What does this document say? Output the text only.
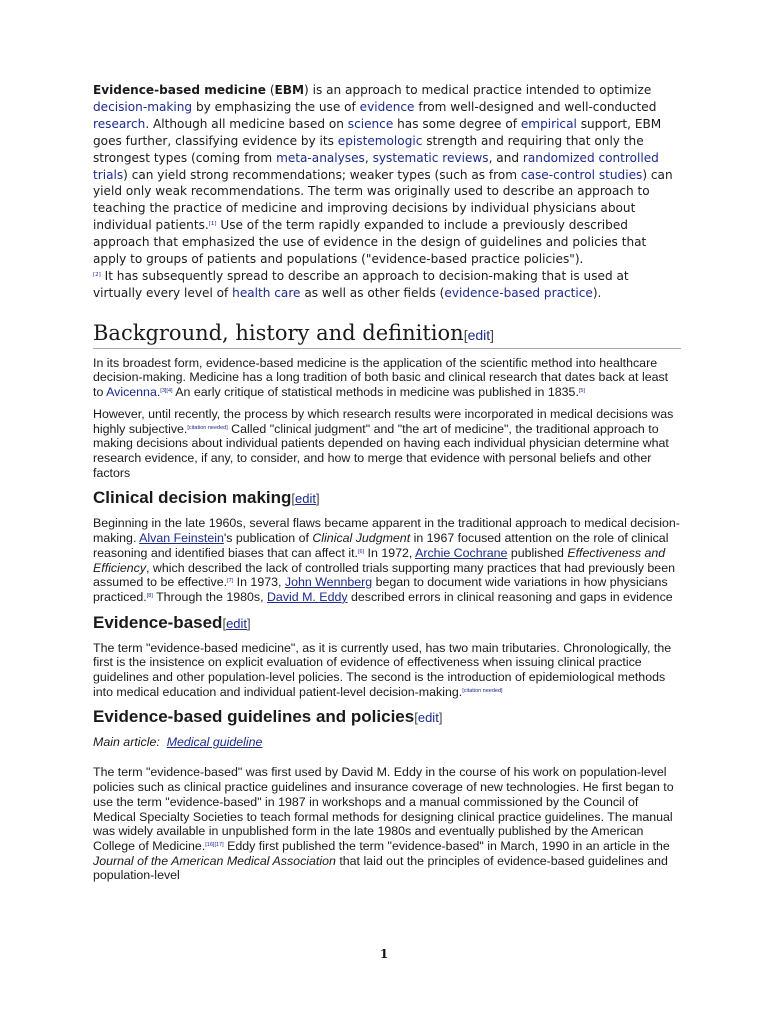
Evidence-based medicine (EBM) is an approach to medical practice intended to optimize decision-making by emphasizing the use of evidence from well-designed and well-conducted research. Although all medicine based on science has some degree of empirical support, EBM goes further, classifying evidence by its epistemologic strength and requiring that only the strongest types (coming from meta-analyses, systematic reviews, and randomized controlled trials) can yield strong recommendations; weaker types (such as from case-control studies) can yield only weak recommendations. The term was originally used to describe an approach to teaching the practice of medicine and improving decisions by individual physicians about individual patients.[1] Use of the term rapidly expanded to include a previously described approach that emphasized the use of evidence in the design of guidelines and policies that apply to groups of patients and populations ("evidence-based practice policies").
[2] It has subsequently spread to describe an approach to decision-making that is used at virtually every level of health care as well as other fields (evidence-based practice).

Background, history and definition[edit]

In its broadest form, evidence-based medicine is the application of the scientific method into healthcare decision-making. Medicine has a long tradition of both basic and clinical research that dates back at least to Avicenna.[3][4] An early critique of statistical methods in medicine was published in 1835.[5]

However, until recently, the process by which research results were incorporated in medical decisions was highly subjective.[citation needed] Called "clinical judgment" and "the art of medicine", the traditional approach to making decisions about individual patients depended on having each individual physician determine what research evidence, if any, to consider, and how to merge that evidence with personal beliefs and other factors

Clinical decision making[edit]

Beginning in the late 1960s, several flaws became apparent in the traditional approach to medical decision-making. Alvan Feinstein's publication of Clinical Judgment in 1967 focused attention on the role of clinical reasoning and identified biases that can affect it.[6] In 1972, Archie Cochrane published Effectiveness and Efficiency, which described the lack of controlled trials supporting many practices that had previously been assumed to be effective.[7] In 1973, John Wennberg began to document wide variations in how physicians practiced.[8] Through the 1980s, David M. Eddy described errors in clinical reasoning and gaps in evidence

Evidence-based[edit]

The term "evidence-based medicine", as it is currently used, has two main tributaries. Chronologically, the first is the insistence on explicit evaluation of evidence of effectiveness when issuing clinical practice guidelines and other population-level policies. The second is the introduction of epidemiological methods into medical education and individual patient-level decision-making.[citation needed]

Evidence-based guidelines and policies[edit]
Main article: Medical guideline

The term "evidence-based" was first used by David M. Eddy in the course of his work on population-level policies such as clinical practice guidelines and insurance coverage of new technologies. He first began to use the term "evidence-based" in 1987 in workshops and a manual commissioned by the Council of Medical Specialty Societies to teach formal methods for designing clinical practice guidelines. The manual was widely available in unpublished form in the late 1980s and eventually published by the American College of Medicine.[16][17] Eddy first published the term "evidence-based" in March, 1990 in an article in the Journal of the American Medical Association that laid out the principles of evidence-based guidelines and population-level

1
